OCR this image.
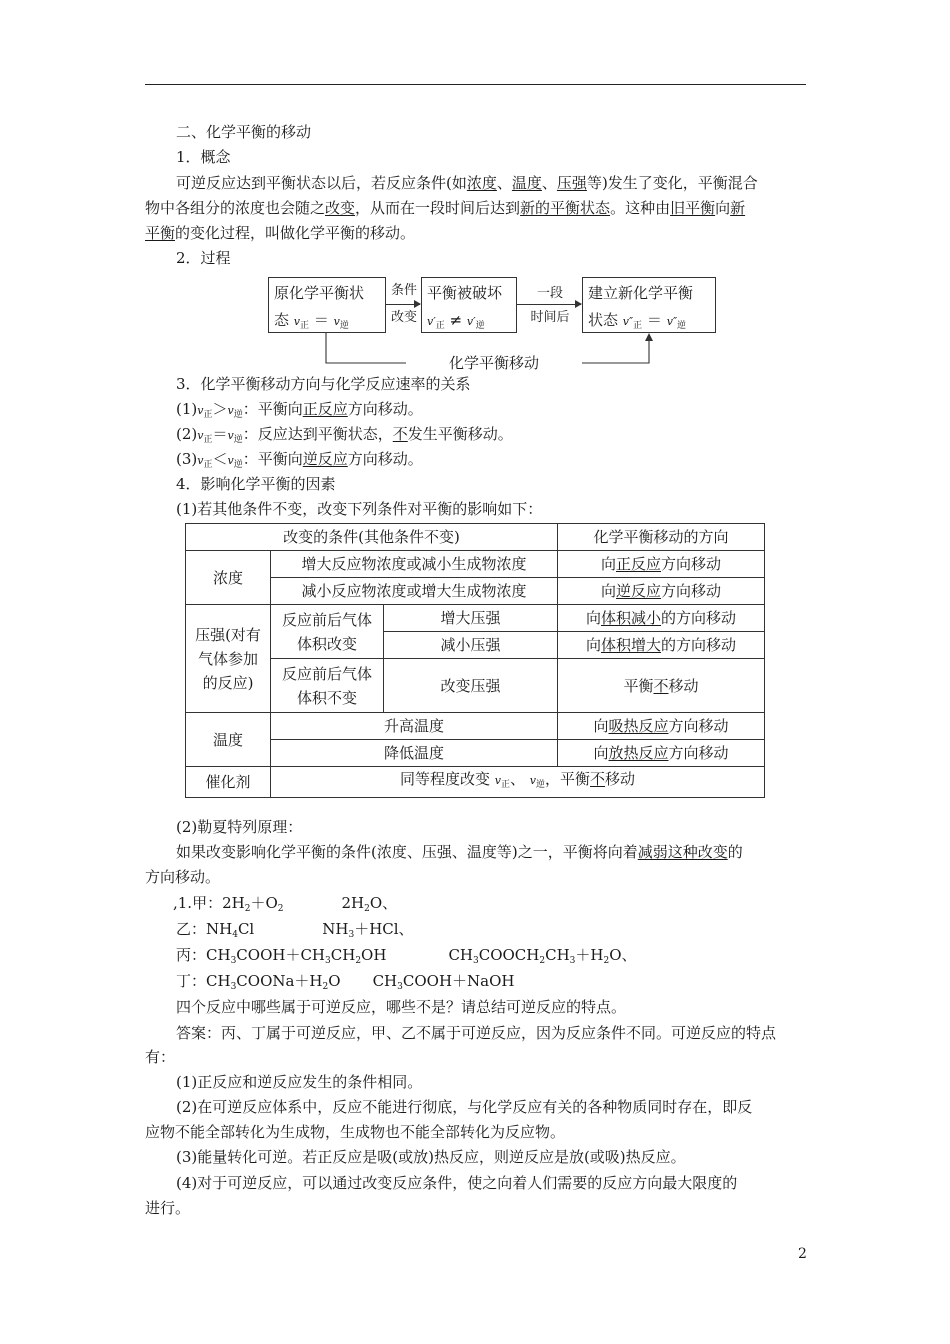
二、化学平衡的移动
1．概念
可逆反应达到平衡状态以后，若反应条件(如浓度、温度、压强等)发生了变化，平衡混合
物中各组分的浓度也会随之改变，从而在一段时间后达到新的平衡状态。这种由旧平衡向新
平衡的变化过程，叫做化学平衡的移动。
2．过程
原化学平衡状
态 $v_正 = v_逆$
条件
改变
平衡被破坏
$v'_正 \ne v'_逆$
一段
时间后
建立新化学平衡
状态 $v''_正 = v''_逆$
化学平衡移动
3．化学平衡移动方向与化学反应速率的关系
$(1)v_正>v_逆$：平衡向正反应方向移动。
$(2)v_正=v_逆$：反应达到平衡状态，不发生平衡移动。
$(3)v_正<v_逆$：平衡向逆反应方向移动。
4．影响化学平衡的因素
(1)若其他条件不变，改变下列条件对平衡的影响如下：
改变的条件(其他条件不变)			化学平衡移动的方向
浓度	增大反应物浓度或减小生成物浓度		向正反应方向移动
	减小反应物浓度或增大生成物浓度		向逆反应方向移动
压强(对有气体参加的反应)	反应前后气体体积改变	增大压强	向体积减小的方向移动
		减小压强	向体积增大的方向移动
	反应前后气体体积不变	改变压强	平衡不移动
温度	升高温度		向吸热反应方向移动
	降低温度		向放热反应方向移动
催化剂	同等程度改变 $v_正$、 $v_逆$，平衡不移动		
(2)勒夏特列原理：
如果改变影响化学平衡的条件(浓度、压强、温度等)之一，平衡将向着减弱这种改变的
方向移动。
,1.甲：$2H_2+O_2$	$2H_2O$、
乙：$NH_4Cl$	$NH_3+HCl$、
丙：$CH_3COOH+CH_3CH_2OH$	$CH_3COOCH_2CH_3+H_2O$、
丁：$CH_3COONa+H_2O$ $CH_3COOH+NaOH$
四个反应中哪些属于可逆反应，哪些不是？请总结可逆反应的特点。
答案：丙、丁属于可逆反应，甲、乙不属于可逆反应，因为反应条件不同。可逆反应的特点
有：
(1)正反应和逆反应发生的条件相同。
(2)在可逆反应体系中，反应不能进行彻底，与化学反应有关的各种物质同时存在，即反
应物不能全部转化为生成物，生成物也不能全部转化为反应物。
(3)能量转化可逆。若正反应是吸(或放)热反应，则逆反应是放(或吸)热反应。
(4)对于可逆反应，可以通过改变反应条件，使之向着人们需要的反应方向最大限度的
进行。
2
